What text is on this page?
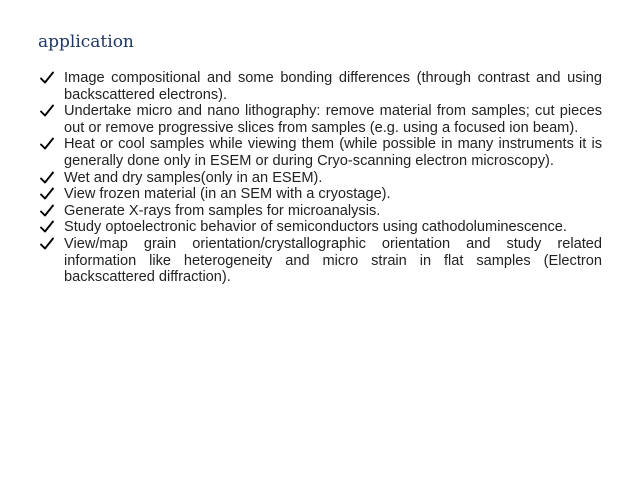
application
Image compositional and some bonding differences (through contrast and using backscattered electrons).
Undertake micro and nano lithography: remove material from samples; cut pieces out or remove progressive slices from samples (e.g. using a focused ion beam).
Heat or cool samples while viewing them (while possible in many instruments it is generally done only in ESEM or during Cryo-scanning electron microscopy).
Wet and dry samples(only in an ESEM).
View frozen material (in an SEM with a cryostage).
Generate X-rays from samples for microanalysis.
Study optoelectronic behavior of semiconductors using cathodoluminescence.
View/map grain orientation/crystallographic orientation and study related information like heterogeneity and micro strain in flat samples (Electron backscattered diffraction).
